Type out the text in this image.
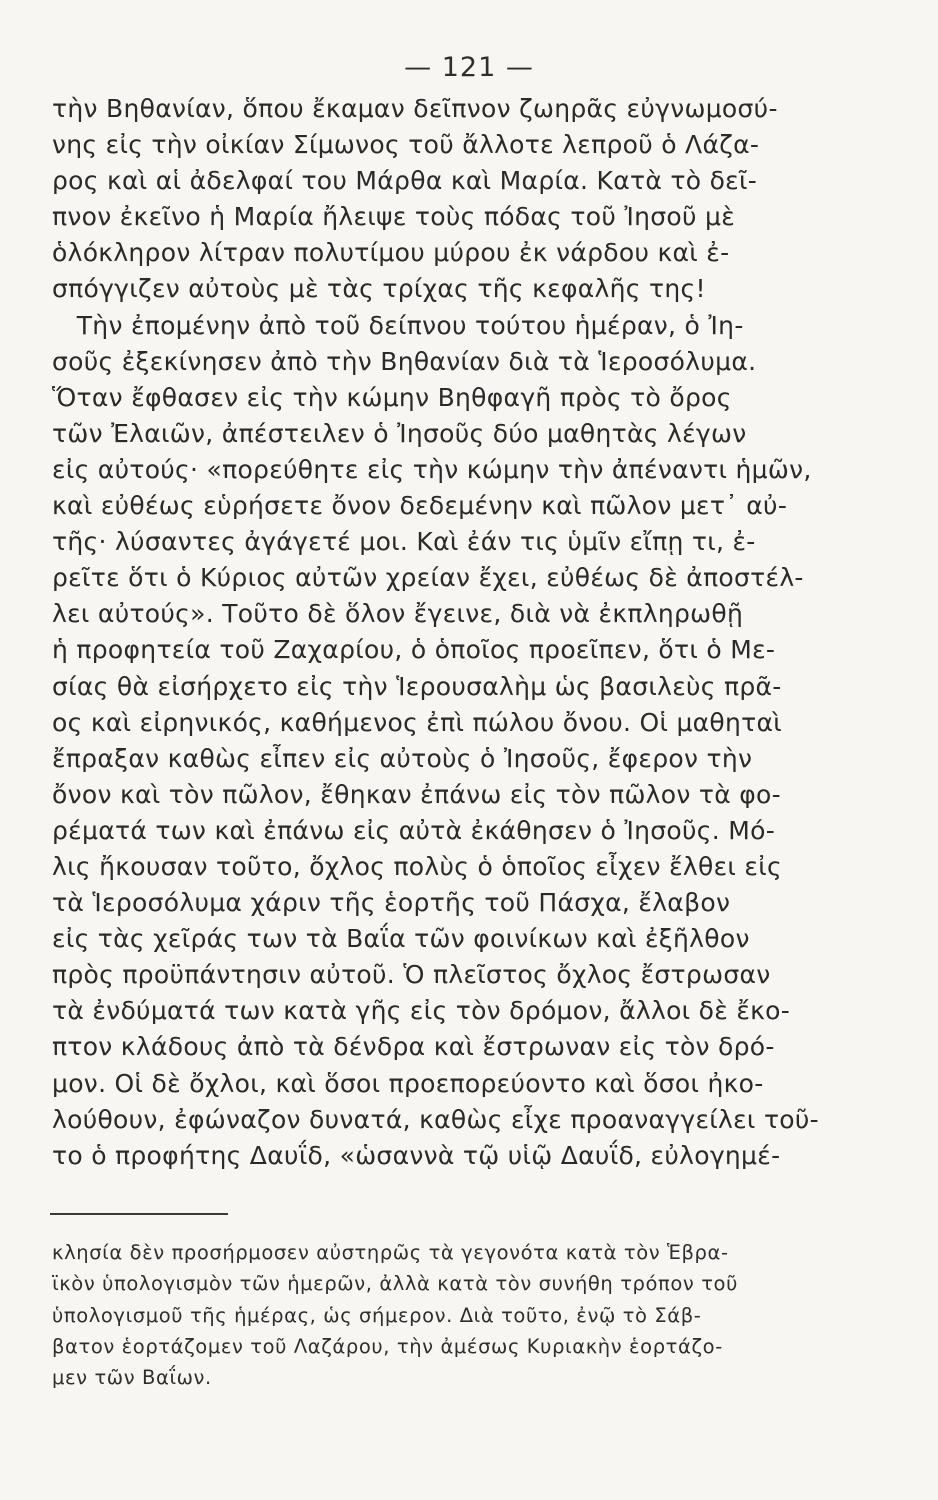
— 121 —
τὴν Βηθανίαν, ὅπου ἔκαμαν δεῖπνον ζωηρᾶς εὐγνωμοσύ-
νης εἰς τὴν οἰκίαν Σίμωνος τοῦ ἄλλοτε λεπροῦ ὁ Λάζα-
ρος καὶ αἱ ἀδελφαί του Μάρθα καὶ Μαρία. Κατὰ τὸ δεῖ-
πνον ἐκεῖνο ἡ Μαρία ἤλειψε τοὺς πόδας τοῦ Ἰησοῦ μὲ
ὁλόκληρον λίτραν πολυτίμου μύρου ἐκ νάρδου καὶ ἐ-
σπόγγιζεν αὐτοὺς μὲ τὰς τρίχας τῆς κεφαλῆς της!
Τὴν ἐπομένην ἀπὸ τοῦ δείπνου τούτου ἡμέραν, ὁ Ἰη-
σοῦς ἐξεκίνησεν ἀπὸ τὴν Βηθανίαν διὰ τὰ Ἱεροσόλυμα.
Ὅταν ἔφθασεν εἰς τὴν κώμην Βηθφαγῆ πρὸς τὸ ὄρος
τῶν Ἐλαιῶν, ἀπέστειλεν ὁ Ἰησοῦς δύο μαθητὰς λέγων
εἰς αὐτούς· «πορεύθητε εἰς τὴν κώμην τὴν ἀπέναντι ἡμῶν,
καὶ εὐθέως εὑρήσετε ὄνον δεδεμένην καὶ πῶλον μετ᾽ αὐ-
τῆς· λύσαντες ἀγάγετέ μοι. Καὶ ἐάν τις ὑμῖν εἴπῃ τι, ἐ-
ρεῖτε ὅτι ὁ Κύριος αὐτῶν χρείαν ἔχει, εὐθέως δὲ ἀποστέλ-
λει αὐτούς». Τοῦτο δὲ ὅλον ἔγεινε, διὰ νὰ ἐκπληρωθῇ
ἡ προφητεία τοῦ Ζαχαρίου, ὁ ὁποῖος προεῖπεν, ὅτι ὁ Με-
σίας θὰ εἰσήρχετο εἰς τὴν Ἱερουσαλὴμ ὡς βασιλεὺς πρᾶ-
ος καὶ εἰρηνικός, καθήμενος ἐπὶ πώλου ὄνου. Οἱ μαθηταὶ
ἔπραξαν καθὼς εἶπεν εἰς αὐτοὺς ὁ Ἰησοῦς, ἔφερον τὴν
ὄνον καὶ τὸν πῶλον, ἔθηκαν ἐπάνω εἰς τὸν πῶλον τὰ φο-
ρέματά των καὶ ἐπάνω εἰς αὐτὰ ἐκάθησεν ὁ Ἰησοῦς. Μό-
λις ἤκουσαν τοῦτο, ὄχλος πολὺς ὁ ὁποῖος εἶχεν ἔλθει εἰς
τὰ Ἱεροσόλυμα χάριν τῆς ἑορτῆς τοῦ Πάσχα, ἔλαβον
εἰς τὰς χεῖράς των τὰ Βαΐα τῶν φοινίκων καὶ ἐξῆλθον
πρὸς προϋπάντησιν αὐτοῦ. Ὁ πλεῖστος ὄχλος ἔστρωσαν
τὰ ἐνδύματά των κατὰ γῆς εἰς τὸν δρόμον, ἄλλοι δὲ ἔκο-
πτον κλάδους ἀπὸ τὰ δένδρα καὶ ἔστρωναν εἰς τὸν δρό-
μον. Οἱ δὲ ὄχλοι, καὶ ὅσοι προεπορεύοντο καὶ ὅσοι ἠκο-
λούθουν, ἐφώναζον δυνατά, καθὼς εἶχε προαναγγείλει τοῦ-
το ὁ προφήτης Δαυΐδ, «ὡσαννὰ τῷ υἱῷ Δαυΐδ, εὐλογημέ-
κλησία δὲν προσήρμοσεν αὐστηρῶς τὰ γεγονότα κατὰ τὸν Ἑβρα-
ϊκὸν ὑπολογισμὸν τῶν ἡμερῶν, ἀλλὰ κατὰ τὸν συνήθη τρόπον τοῦ
ὑπολογισμοῦ τῆς ἡμέρας, ὡς σήμερον. Διὰ τοῦτο, ἐνῷ τὸ Σάβ-
βατον ἑορτάζομεν τοῦ Λαζάρου, τὴν ἀμέσως Κυριακὴν ἑορτάζο-
μεν τῶν Βαΐων.
